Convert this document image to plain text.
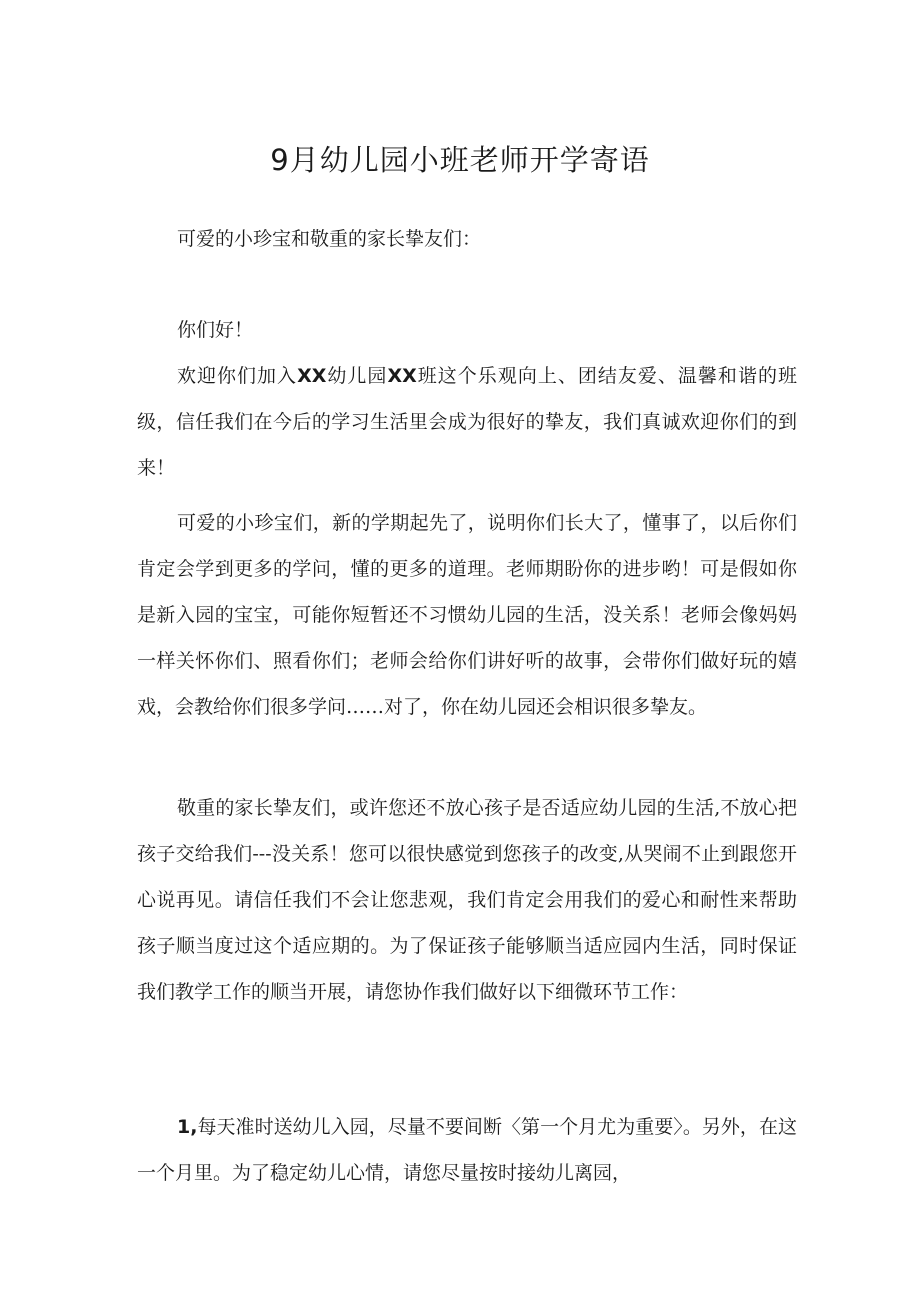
9月幼儿园小班老师开学寄语

可爱的小珍宝和敬重的家长挚友们：

你们好！

欢迎你们加入XX幼儿园XX班这个乐观向上、团结友爱、温馨和谐的班级，信任我们在今后的学习生活里会成为很好的挚友，我们真诚欢迎你们的到来！

可爱的小珍宝们，新的学期起先了，说明你们长大了，懂事了，以后你们肯定会学到更多的学问，懂的更多的道理。老师期盼你的进步哟！可是假如你是新入园的宝宝，可能你短暂还不习惯幼儿园的生活，没关系！老师会像妈妈一样关怀你们、照看你们；老师会给你们讲好听的故事，会带你们做好玩的嬉戏，会教给你们很多学问……对了，你在幼儿园还会相识很多挚友。

敬重的家长挚友们，或许您还不放心孩子是否适应幼儿园的生活,不放心把孩子交给我们---没关系！您可以很快感觉到您孩子的改变,从哭闹不止到跟您开心说再见。请信任我们不会让您悲观，我们肯定会用我们的爱心和耐性来帮助孩子顺当度过这个适应期的。为了保证孩子能够顺当适应园内生活，同时保证我们教学工作的顺当开展，请您协作我们做好以下细微环节工作：

1,每天准时送幼儿入园，尽量不要间断〈第一个月尤为重要〉。另外，在这一个月里。为了稳定幼儿心情，请您尽量按时接幼儿离园，
